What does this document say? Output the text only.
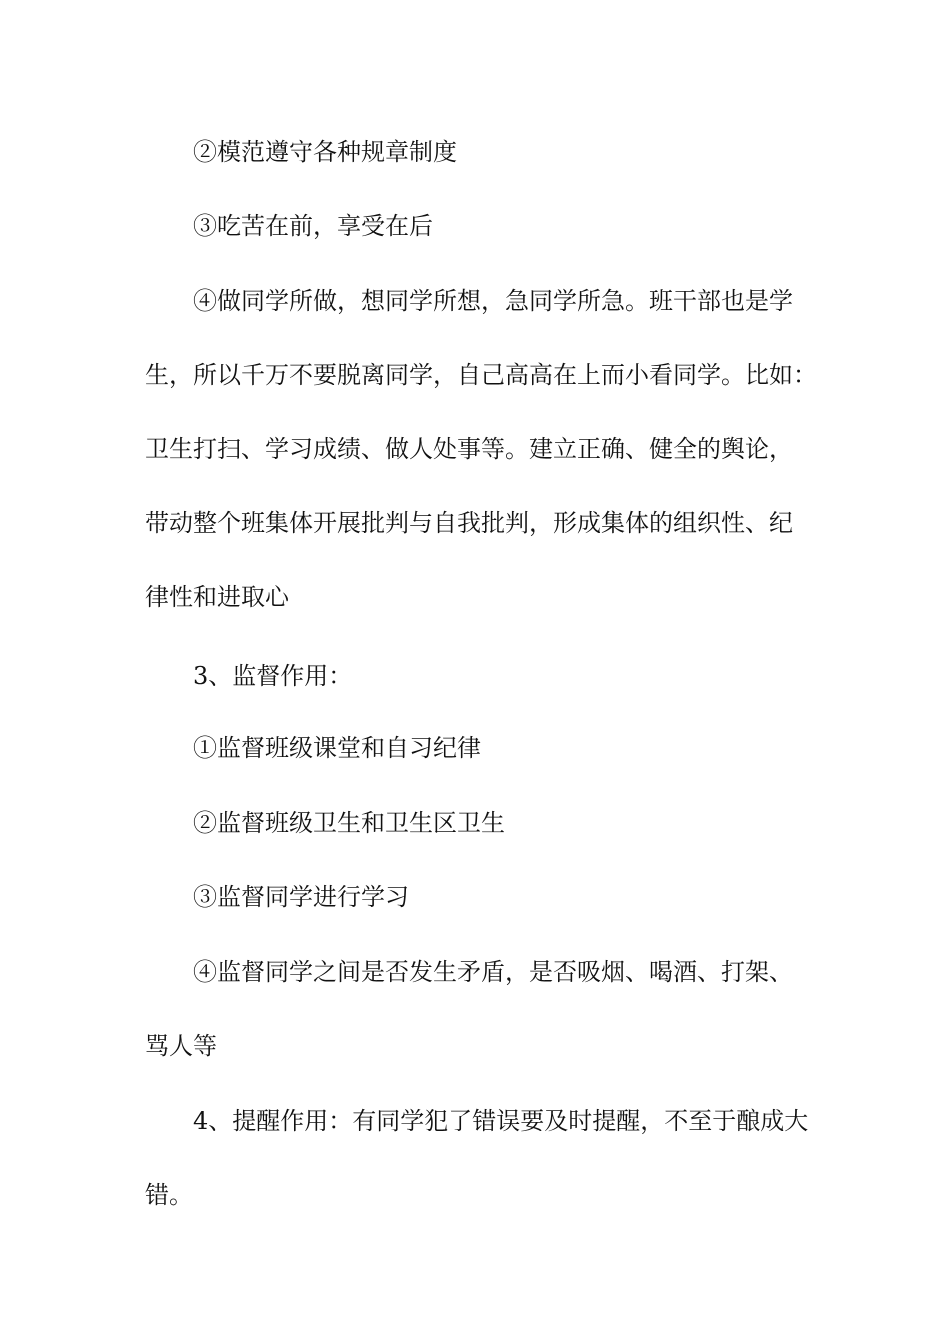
②模范遵守各种规章制度
③吃苦在前，享受在后
④做同学所做，想同学所想，急同学所急。班干部也是学
生，所以千万不要脱离同学，自己高高在上而小看同学。比如：
卫生打扫、学习成绩、做人处事等。建立正确、健全的舆论，
带动整个班集体开展批判与自我批判，形成集体的组织性、纪
律性和进取心
3、监督作用：
①监督班级课堂和自习纪律
②监督班级卫生和卫生区卫生
③监督同学进行学习
④监督同学之间是否发生矛盾，是否吸烟、喝酒、打架、
骂人等
4、提醒作用：有同学犯了错误要及时提醒，不至于酿成大
错。
